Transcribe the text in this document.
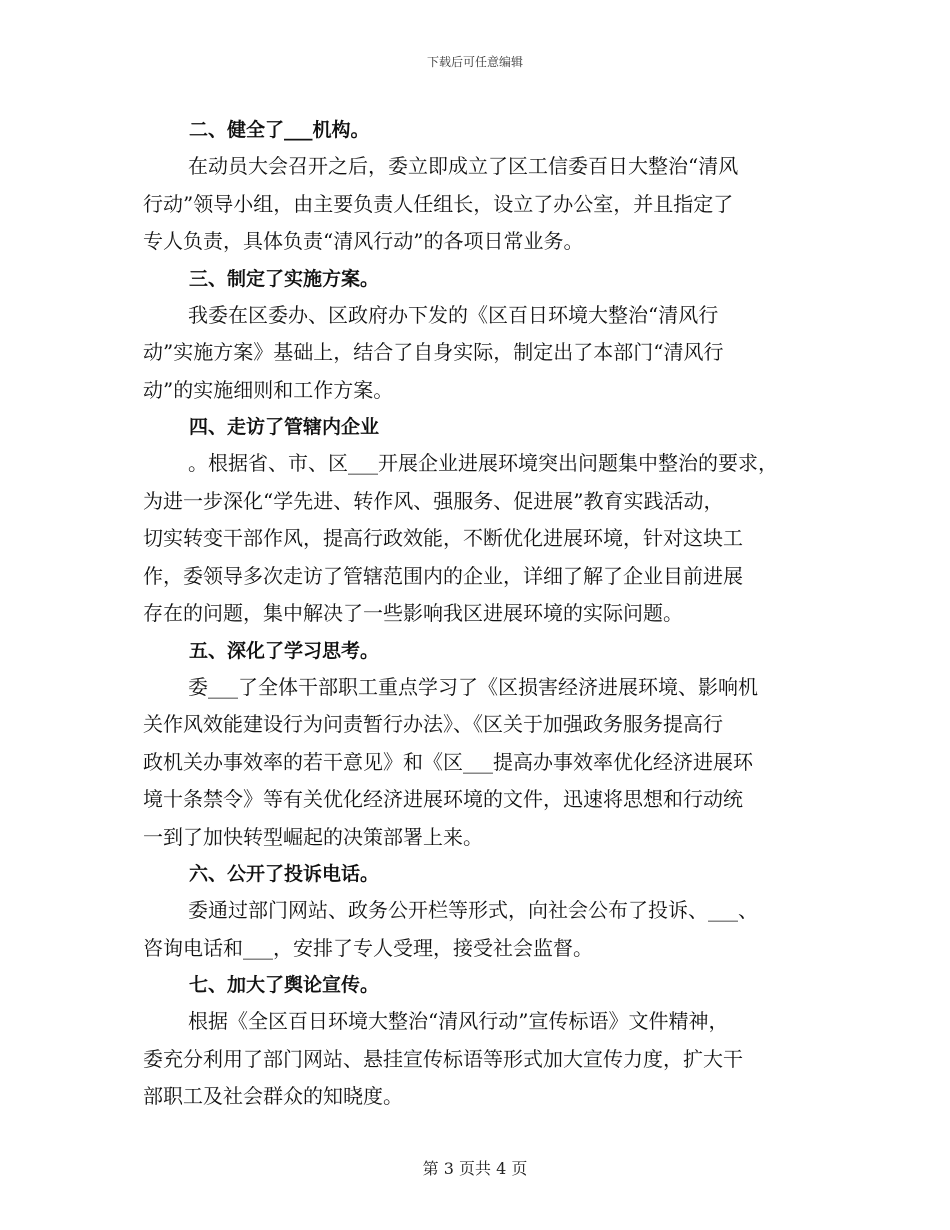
下载后可任意编辑
二、健全了___机构。
在动员大会召开之后，委立即成立了区工信委百日大整治“清风
行动”领导小组，由主要负责人任组长，设立了办公室，并且指定了
专人负责，具体负责“清风行动”的各项日常业务。
三、制定了实施方案。
我委在区委办、区政府办下发的《区百日环境大整治“清风行
动”实施方案》基础上，结合了自身实际，制定出了本部门“清风行
动”的实施细则和工作方案。
四、走访了管辖内企业
。根据省、市、区___开展企业进展环境突出问题集中整治的要求，
为进一步深化“学先进、转作风、强服务、促进展”教育实践活动，
切实转变干部作风，提高行政效能，不断优化进展环境，针对这块工
作，委领导多次走访了管辖范围内的企业，详细了解了企业目前进展
存在的问题，集中解决了一些影响我区进展环境的实际问题。
五、深化了学习思考。
委___了全体干部职工重点学习了《区损害经济进展环境、影响机
关作风效能建设行为问责暂行办法》、《区关于加强政务服务提高行
政机关办事效率的若干意见》和《区___提高办事效率优化经济进展环
境十条禁令》等有关优化经济进展环境的文件，迅速将思想和行动统
一到了加快转型崛起的决策部署上来。
六、公开了投诉电话。
委通过部门网站、政务公开栏等形式，向社会公布了投诉、___、
咨询电话和___，安排了专人受理，接受社会监督。
七、加大了舆论宣传。
根据《全区百日环境大整治“清风行动”宣传标语》文件精神，
委充分利用了部门网站、悬挂宣传标语等形式加大宣传力度，扩大干
部职工及社会群众的知晓度。
第 3 页共 4 页
